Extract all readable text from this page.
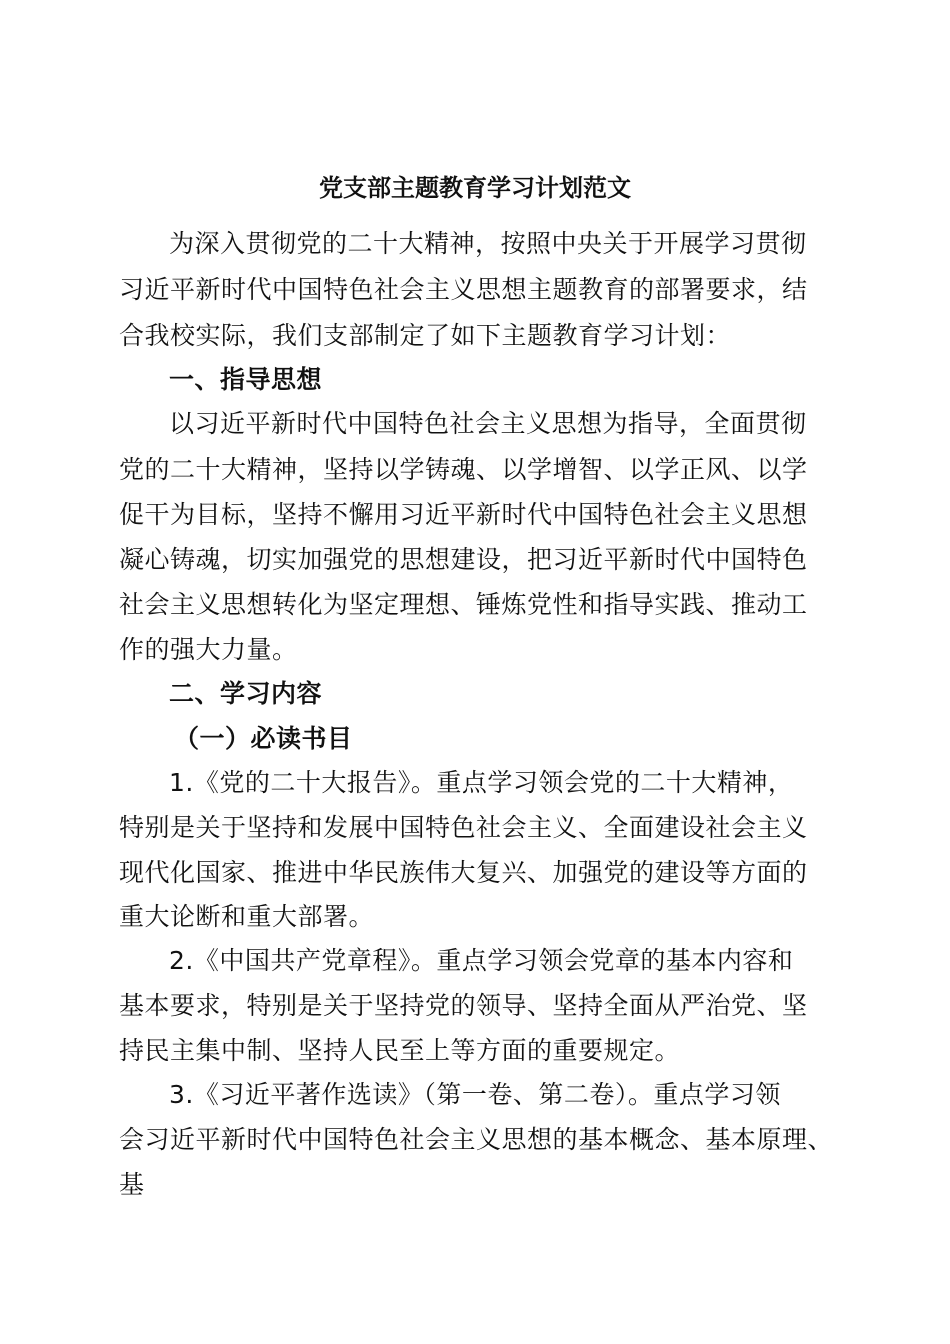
党支部主题教育学习计划范文

为深入贯彻党的二十大精神，按照中央关于开展学习贯彻

习近平新时代中国特色社会主义思想主题教育的部署要求，结

合我校实际，我们支部制定了如下主题教育学习计划：

一、指导思想

以习近平新时代中国特色社会主义思想为指导，全面贯彻

党的二十大精神，坚持以学铸魂、以学增智、以学正风、以学

促干为目标，坚持不懈用习近平新时代中国特色社会主义思想

凝心铸魂，切实加强党的思想建设，把习近平新时代中国特色

社会主义思想转化为坚定理想、锤炼党性和指导实践、推动工

作的强大力量。

二、学习内容

（一）必读书目

1.《党的二十大报告》。重点学习领会党的二十大精神，

特别是关于坚持和发展中国特色社会主义、全面建设社会主义

现代化国家、推进中华民族伟大复兴、加强党的建设等方面的

重大论断和重大部署。

2.《中国共产党章程》。重点学习领会党章的基本内容和

基本要求，特别是关于坚持党的领导、坚持全面从严治党、坚

持民主集中制、坚持人民至上等方面的重要规定。

3.《习近平著作选读》（第一卷、第二卷）。重点学习领

会习近平新时代中国特色社会主义思想的基本概念、基本原理、

基
